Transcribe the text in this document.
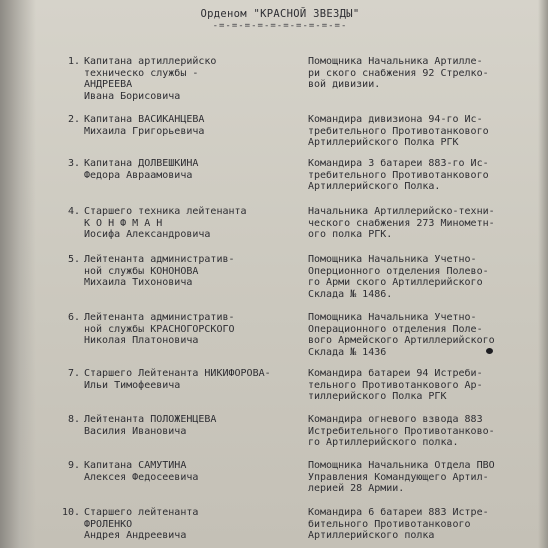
Орденом "КРАСНОЙ ЗВЕЗДЫ"
-=-=-=-=-=-=-=-=-=-=-
1. Капитана артиллерийско
техническо службы -
АНДРЕЕВА
Ивана Борисовича
Помощника Начальника Артилле-
ри ского снабжения 92 Стрелко-
вой дивизии.
2. Капитана ВАСИКАНЦЕВА
Михаила Григорьевича
Командира дивизиона 94-го Ис-
требительного Противотанкового
Артиллерийского Полка РГК
3. Капитана ДОЛВЕШКИНА
Федора Авраамовича
Командира 3 батареи 883-го Ис-
требительного Противотанкового
Артиллерийского Полка.
4. Старшего техника лейтенанта
К О Н Ф М А Н
Иосифа Александровича
Начальника Артиллерийско-техни-
ческого снабжения 273 Минометн-
ого полка РГК.
5. Лейтенанта административ-
ной службы КОНОНОВА
Михаила Тихоновича
Помощника Начальника Учетно-
Оперционного отделения Полево-
го Арми ского Артиллерийского
Склада № 1486.
6. Лейтенанта административ-
ной службы КРАСНОГОРСКОГО
Николая Платоновича
Помощника Начальника Учетно-
Операционного отделения Поле-
вого Армейского Артиллерийского
Склада № 1436
7. Старшего Лейтенанта НИКИФОРОВА-
Ильи Тимофеевича
Командира батареи 94 Истреби-
тельного Противотанкового Ар-
тиллерийского Полка РГК
8. Лейтенанта ПОЛОЖЕНЦЕВА
Василия Ивановича
Командира огневого взвода 883
Истребительного Противотанково-
го Артиллерийского полка.
9. Капитана САМУТИНА
Алексея Федосеевича
Помощника Начальника Отдела ПВО
Управления Командующего Артил-
лерией 28 Армии.
10. Старшего лейтенанта
ФРОЛЕНКО
Андрея Андреевича
Командира 6 батареи 883 Истре-
бительного Противотанкового
Артиллерийского полка
